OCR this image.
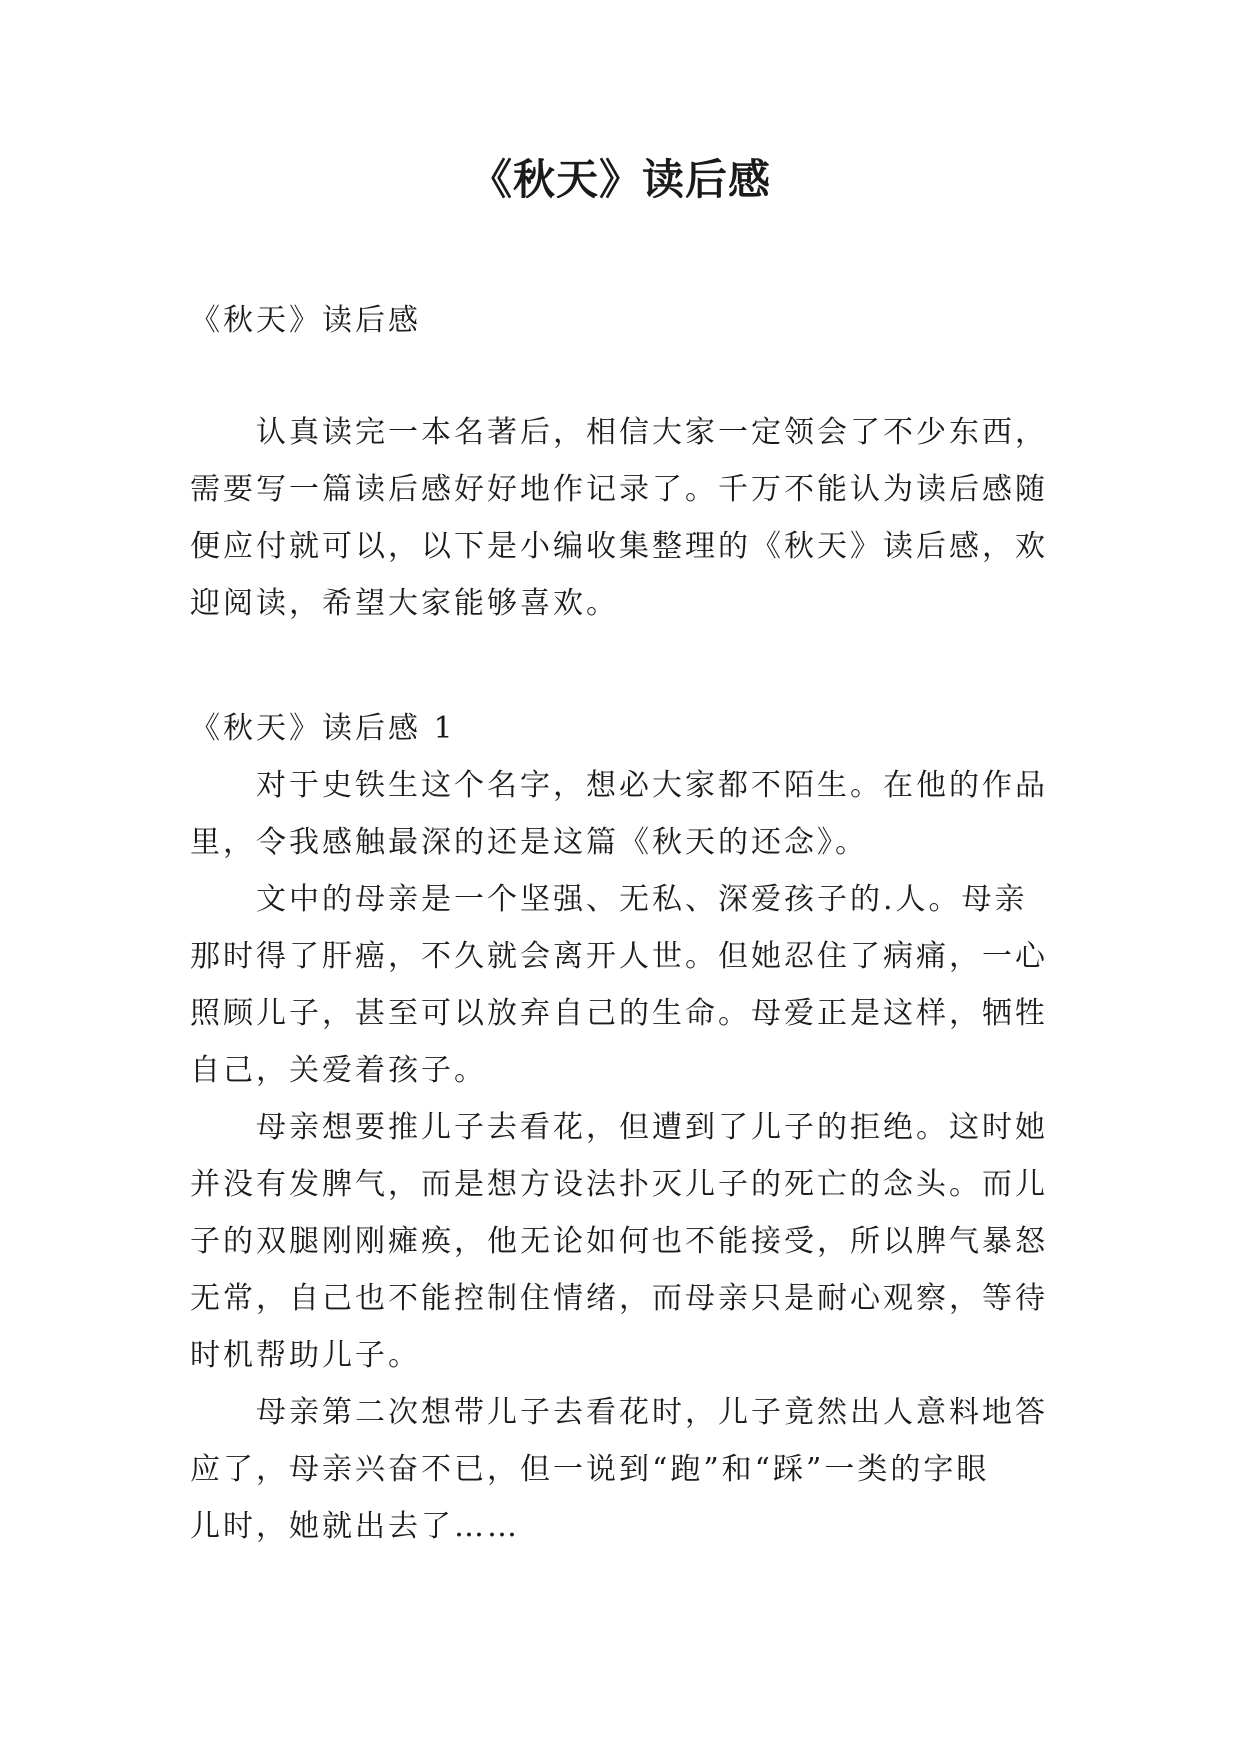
《秋天》读后感

《秋天》读后感

认真读完一本名著后，相信大家一定领会了不少东西，
需要写一篇读后感好好地作记录了。千万不能认为读后感随
便应付就可以，以下是小编收集整理的《秋天》读后感，欢
迎阅读，希望大家能够喜欢。

《秋天》读后感 1

对于史铁生这个名字，想必大家都不陌生。在他的作品
里，令我感触最深的还是这篇《秋天的还念》。
文中的母亲是一个坚强、无私、深爱孩子的.人。母亲
那时得了肝癌，不久就会离开人世。但她忍住了病痛，一心
照顾儿子，甚至可以放弃自己的生命。母爱正是这样，牺牲
自己，关爱着孩子。
母亲想要推儿子去看花，但遭到了儿子的拒绝。这时她
并没有发脾气，而是想方设法扑灭儿子的死亡的念头。而儿
子的双腿刚刚瘫痪，他无论如何也不能接受，所以脾气暴怒
无常，自己也不能控制住情绪，而母亲只是耐心观察，等待
时机帮助儿子。
母亲第二次想带儿子去看花时，儿子竟然出人意料地答
应了，母亲兴奋不已，但一说到“跑”和“踩”一类的字眼
儿时，她就出去了……
